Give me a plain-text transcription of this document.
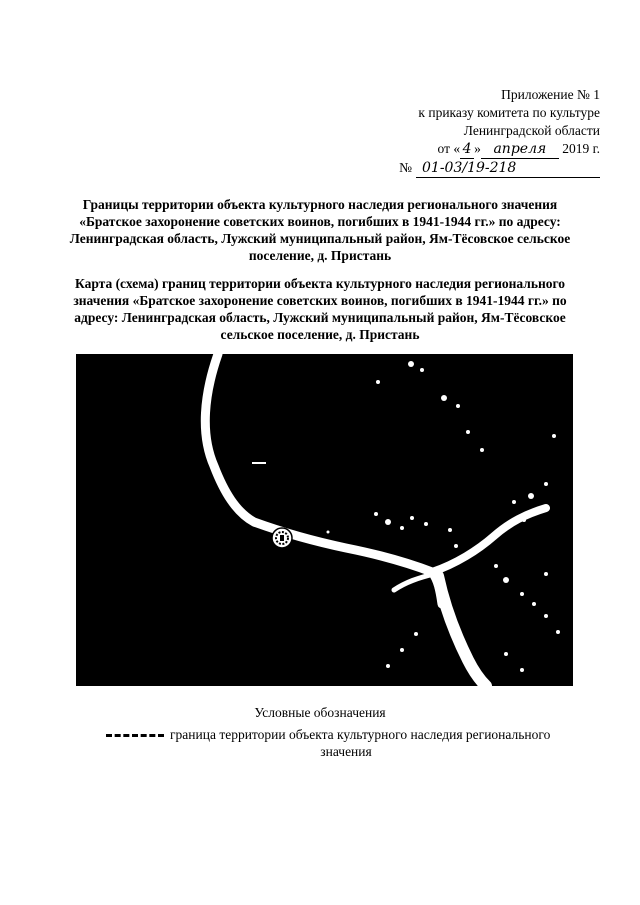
Приложение № 1
к приказу комитета по культуре
Ленинградской области
от « 4 » апреля 2019 г.
№ 01-03/19-218
Границы территории объекта культурного наследия регионального значения «Братское захоронение советских воинов, погибших в 1941-1944 гг.» по адресу: Ленинградская область, Лужский муниципальный район, Ям-Тёсовское сельское поселение, д. Пристань
Карта (схема) границ территории объекта культурного наследия регионального значения «Братское захоронение советских воинов, погибших в 1941-1944 гг.» по адресу: Ленинградская область, Лужский муниципальный район, Ям-Тёсовское сельское поселение, д. Пристань
Условные обозначения
граница территории объекта культурного наследия регионального
значения
